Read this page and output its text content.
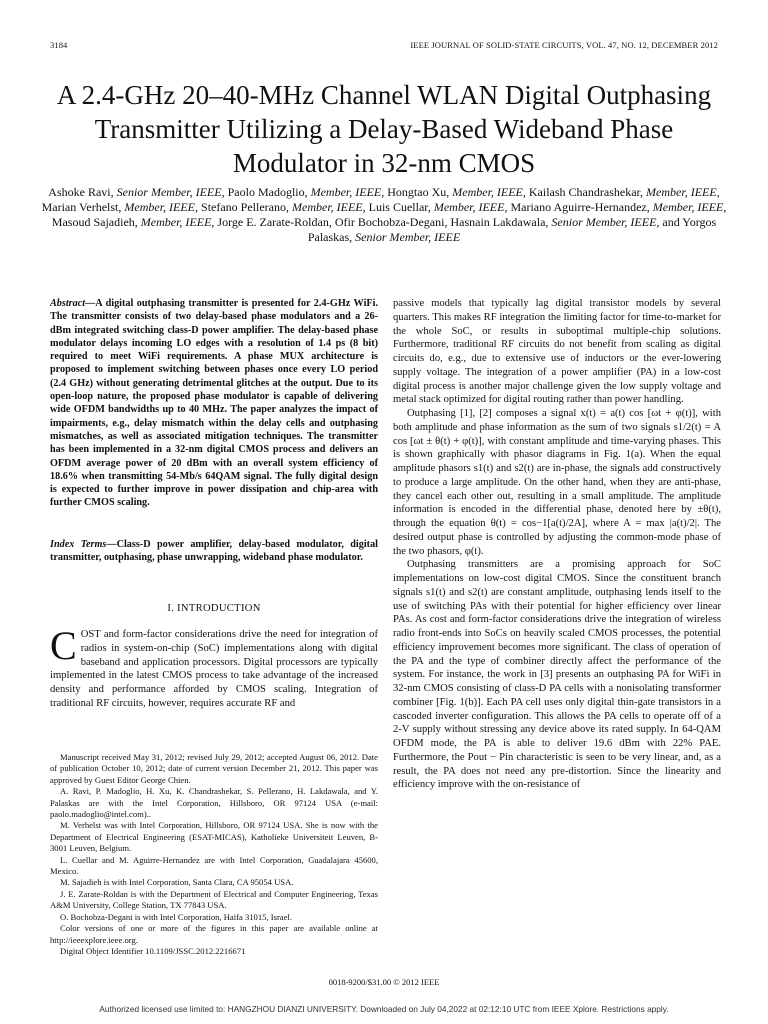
3184	IEEE JOURNAL OF SOLID-STATE CIRCUITS, VOL. 47, NO. 12, DECEMBER 2012
A 2.4-GHz 20–40-MHz Channel WLAN Digital Outphasing Transmitter Utilizing a Delay-Based Wideband Phase Modulator in 32-nm CMOS
Ashoke Ravi, Senior Member, IEEE, Paolo Madoglio, Member, IEEE, Hongtao Xu, Member, IEEE, Kailash Chandrashekar, Member, IEEE, Marian Verhelst, Member, IEEE, Stefano Pellerano, Member, IEEE, Luis Cuellar, Member, IEEE, Mariano Aguirre-Hernandez, Member, IEEE, Masoud Sajadieh, Member, IEEE, Jorge E. Zarate-Roldan, Ofir Bochobza-Degani, Hasnain Lakdawala, Senior Member, IEEE, and Yorgos Palaskas, Senior Member, IEEE
Abstract—A digital outphasing transmitter is presented for 2.4-GHz WiFi. The transmitter consists of two delay-based phase modulators and a 26-dBm integrated switching class-D power amplifier. The delay-based phase modulator delays incoming LO edges with a resolution of 1.4 ps (8 bit) required to meet WiFi requirements. A phase MUX architecture is proposed to implement switching between phases once every LO period (2.4 GHz) without generating detrimental glitches at the output. Due to its open-loop nature, the proposed phase modulator is capable of delivering wide OFDM bandwidths up to 40 MHz. The paper analyzes the impact of impairments, e.g., delay mismatch within the delay cells and outphasing mismatches, as well as associated mitigation techniques. The transmitter has been implemented in a 32-nm digital CMOS process and delivers an OFDM average power of 20 dBm with an overall system efficiency of 18.6% when transmitting 54-Mb/s 64QAM signal. The fully digital design is expected to further improve in power dissipation and chip-area with further CMOS scaling.
Index Terms—Class-D power amplifier, delay-based modulator, digital transmitter, outphasing, phase unwrapping, wideband phase modulator.
I. INTRODUCTION
COST and form-factor considerations drive the need for integration of radios in system-on-chip (SoC) implementations along with digital baseband and application processors. Digital processors are typically implemented in the latest CMOS process to take advantage of the increased density and performance afforded by CMOS scaling. Integration of traditional RF circuits, however, requires accurate RF and

Manuscript received May 31, 2012; revised July 29, 2012; accepted August 06, 2012. Date of publication October 10, 2012; date of current version December 21, 2012. This paper was approved by Guest Editor George Chien.

A. Ravi, P. Madoglio, H. Xu, K. Chandrashekar, S. Pellerano, H. Lakdawala, and Y. Palaskas are with the Intel Corporation, Hillsboro, OR 97124 USA (e-mail: paolo.madoglio@intel.com)..

M. Verhelst was with Intel Corporation, Hillsboro, OR 97124 USA. She is now with the Department of Electrical Engineering (ESAT-MICAS), Katholieke Universiteit Leuven, B-3001 Leuven, Belgium.

L. Cuellar and M. Aguirre-Hernandez are with Intel Corporation, Guadalajara 45600, Mexico.

M. Sajadieh is with Intel Corporation, Santa Clara, CA 95054 USA.

J. E. Zarate-Roldan is with the Department of Electrical and Computer Engineering, Texas A&M University, College Station, TX 77843 USA.

O. Bochobza-Degani is with Intel Corporation, Haifa 31015, Israel.

Color versions of one or more of the figures in this paper are available online at http://ieeexplore.ieee.org.

Digital Object Identifier 10.1109/JSSC.2012.2216671

passive models that typically lag digital transistor models by several quarters. This makes RF integration the limiting factor for time-to-market for the whole SoC, or results in suboptimal multiple-chip solutions. Furthermore, traditional RF circuits do not benefit from scaling as digital circuits do, e.g., due to extensive use of inductors or the ever-lowering supply voltage. The integration of a power amplifier (PA) in a low-cost digital process is another major challenge given the low supply voltage and metal stack optimized for digital routing rather than power handling.

Outphasing [1], [2] composes a signal x(t) = a(t) cos [ωt + φ(t)], with both amplitude and phase information as the sum of two signals s1/2(t) = A cos [ωt ± θ(t) + φ(t)], with constant amplitude and time-varying phases. This is shown graphically with phasor diagrams in Fig. 1(a). When the equal amplitude phasors s1(t) and s2(t) are in-phase, the signals add constructively to produce a large amplitude. On the other hand, when they are anti-phase, they cancel each other out, resulting in a small amplitude. The amplitude information is encoded in the differential phase, denoted here by ±θ(t), through the equation θ(t) = cos−1[a(t)/2A], where A = max |a(t)/2|. The desired output phase is controlled by adjusting the common-mode phase of the two phasors, φ(t).

Outphasing transmitters are a promising approach for SoC implementations on low-cost digital CMOS. Since the constituent branch signals s1(t) and s2(t) are constant amplitude, outphasing lends itself to the use of switching PAs with their potential for higher efficiency over linear PAs. As cost and form-factor considerations drive the integration of wireless radio front-ends into SoCs on heavily scaled CMOS processes, the potential efficiency improvement becomes more significant. The class of operation of the PA and the type of combiner directly affect the performance of the system. For instance, the work in [3] presents an outphasing PA for WiFi in 32-nm CMOS consisting of class-D PA cells with a nonisolating transformer combiner [Fig. 1(b)]. Each PA cell uses only digital thin-gate transistors in a cascoded inverter configuration. This allows the PA cells to operate off of a 2-V supply without stressing any device above its rated supply. In 64-QAM OFDM mode, the PA is able to deliver 19.6 dBm with 22% PAE. Furthermore, the Pout − Pin characteristic is seen to be very linear, and, as a result, the PA does not need any pre-distortion. Since the linearity and efficiency improve with the on-resistance of

0018-9200/$31.00 © 2012 IEEE
Authorized licensed use limited to: HANGZHOU DIANZI UNIVERSITY. Downloaded on July 04,2022 at 02:12:10 UTC from IEEE Xplore. Restrictions apply.
